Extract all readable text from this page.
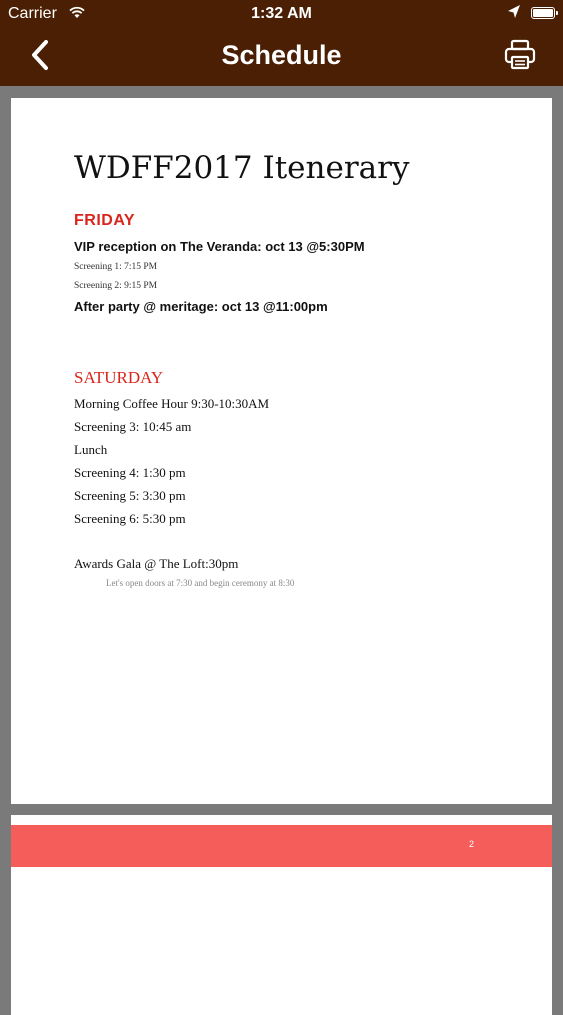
Carrier	1:32 AM
Schedule
WDFF2017 Itenerary
FRIDAY
VIP reception on The Veranda: oct 13 @5:30PM
Screening 1: 7:15 PM
Screening 2: 9:15 PM
After party @ meritage: oct 13 @11:00pm
SATURDAY
Morning Coffee Hour 9:30-10:30AM
Screening 3: 10:45 am
Lunch
Screening 4: 1:30 pm
Screening 5: 3:30 pm
Screening 6: 5:30 pm
Awards Gala @ The Loft:30pm
Let's open doors at 7:30 and begin ceremony at 8:30
2
